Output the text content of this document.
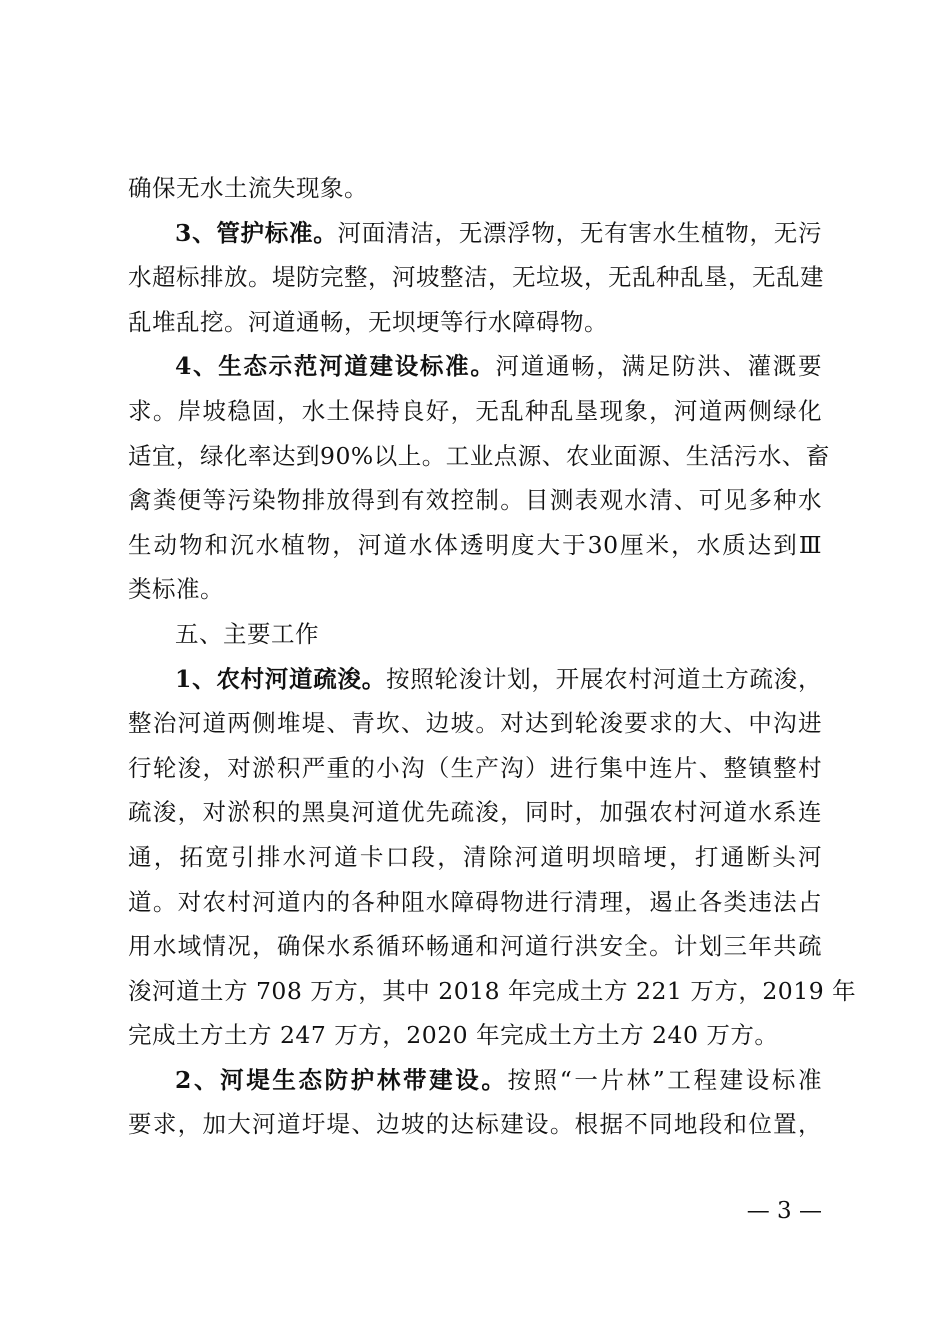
确保无水土流失现象。
3、管护标准。河面清洁，无漂浮物，无有害水生植物，无污
水超标排放。堤防完整，河坡整洁，无垃圾，无乱种乱垦，无乱建
乱堆乱挖。河道通畅，无坝埂等行水障碍物。
4、生态示范河道建设标准。河道通畅，满足防洪、灌溉要
求。岸坡稳固，水土保持良好，无乱种乱垦现象，河道两侧绿化
适宜，绿化率达到90%以上。工业点源、农业面源、生活污水、畜
禽粪便等污染物排放得到有效控制。目测表观水清、可见多种水
生动物和沉水植物，河道水体透明度大于30厘米，水质达到Ⅲ
类标准。
五、主要工作
1、农村河道疏浚。按照轮浚计划，开展农村河道土方疏浚，
整治河道两侧堆堤、青坎、边坡。对达到轮浚要求的大、中沟进
行轮浚，对淤积严重的小沟（生产沟）进行集中连片、整镇整村
疏浚，对淤积的黑臭河道优先疏浚，同时，加强农村河道水系连
通，拓宽引排水河道卡口段，清除河道明坝暗埂，打通断头河
道。对农村河道内的各种阻水障碍物进行清理，遏止各类违法占
用水域情况，确保水系循环畅通和河道行洪安全。计划三年共疏
浚河道土方 708 万方，其中 2018 年完成土方 221 万方，2019 年
完成土方土方 247 万方，2020 年完成土方土方 240 万方。
2、河堤生态防护林带建设。按照“一片林”工程建设标准
要求，加大河道圩堤、边坡的达标建设。根据不同地段和位置，
— 3 —
